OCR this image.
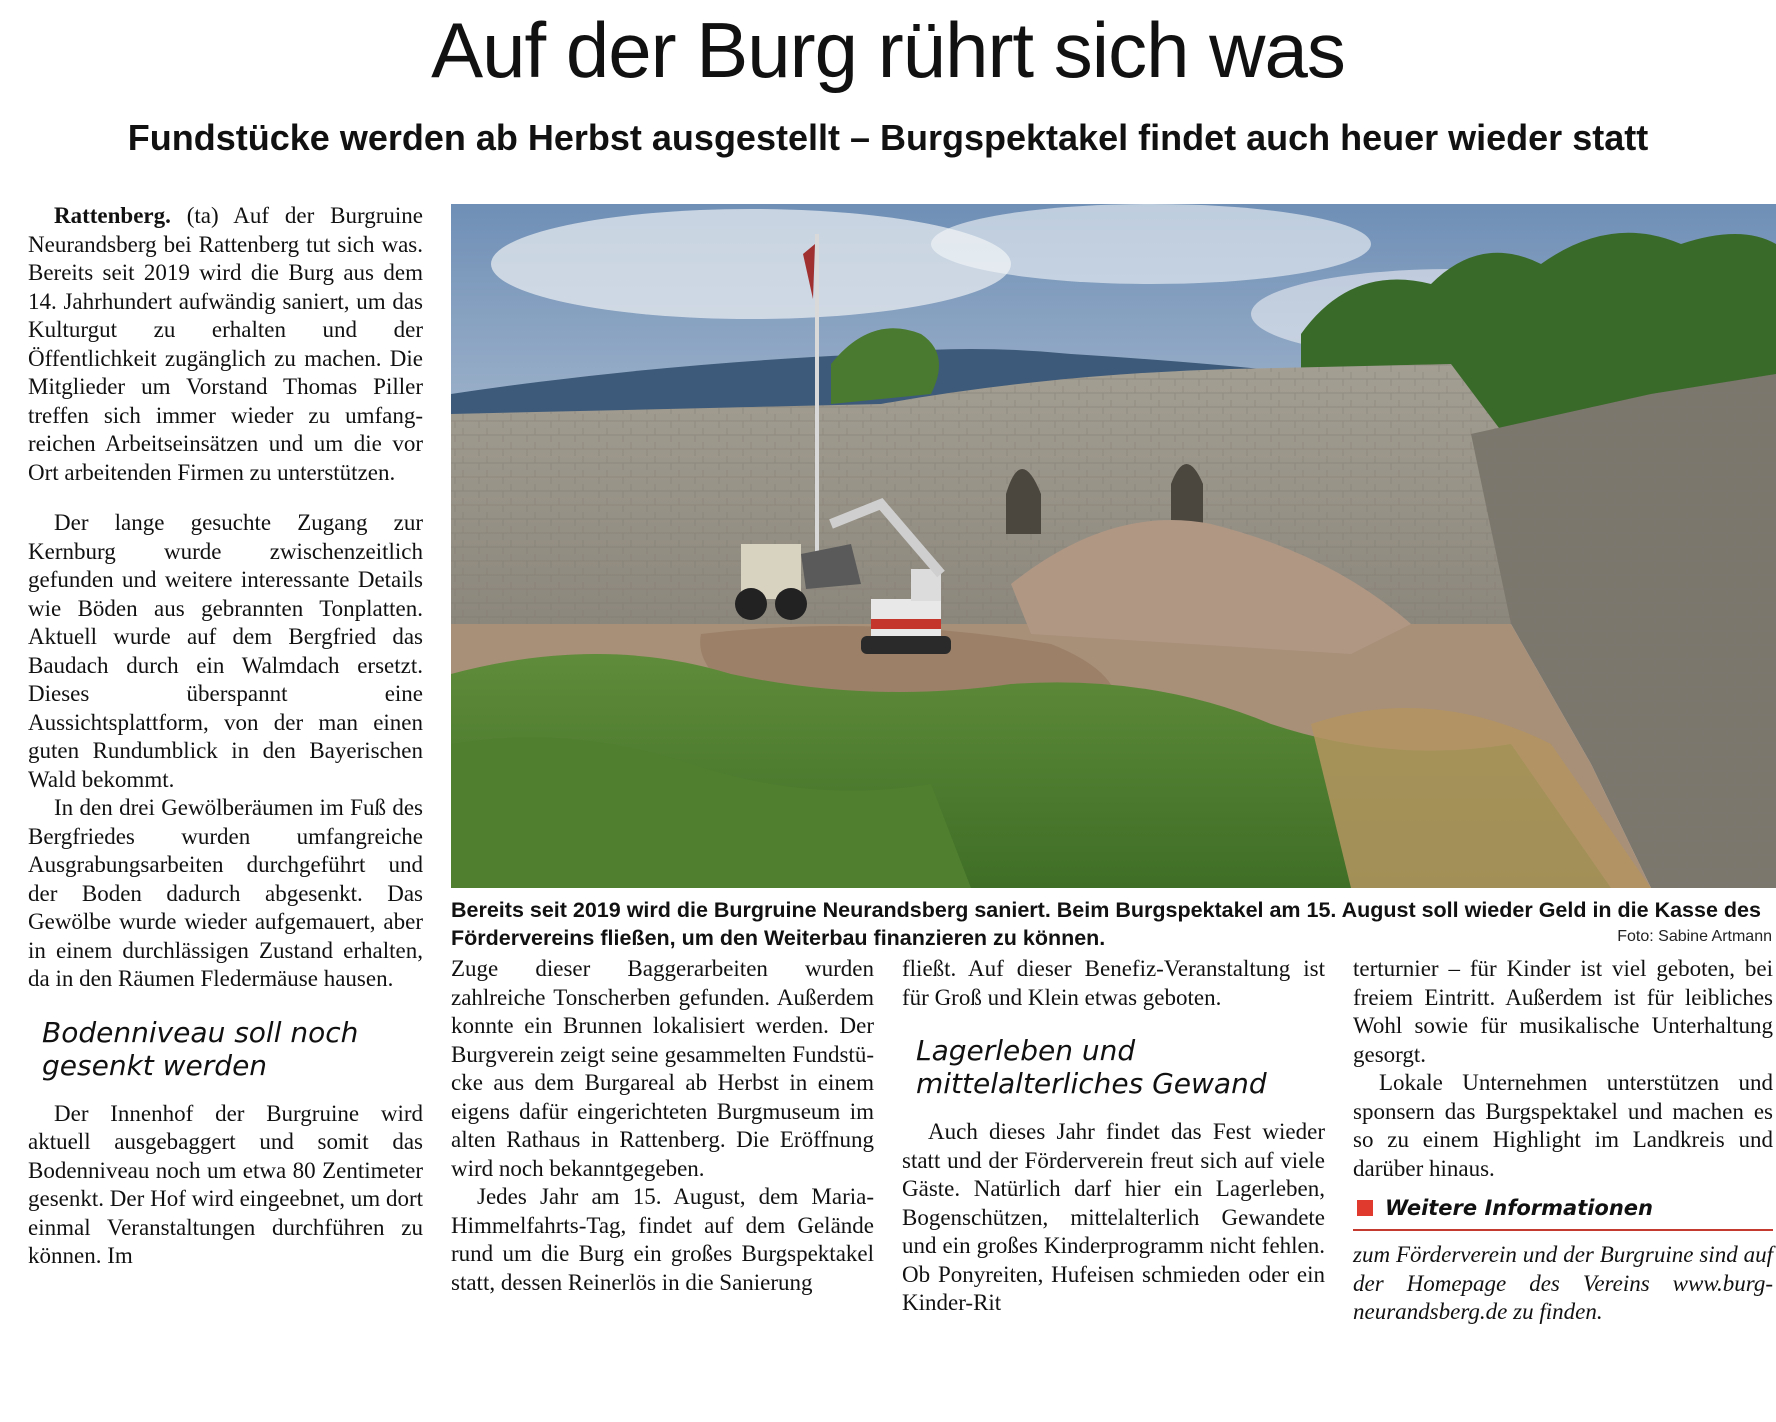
Auf der Burg rührt sich was
Fundstücke werden ab Herbst ausgestellt – Burgspektakel findet auch heuer wieder statt

Rattenberg. (ta) Auf der Burgruine Neurandsberg bei Rattenberg tut sich was. Bereits seit 2019 wird die Burg aus dem 14. Jahrhundert aufwändig saniert, um das Kulturgut zu erhalten und der Öffentlichkeit zugänglich zu machen. Die Mitglieder um Vorstand Thomas Piller treffen sich immer wieder zu umfangreichen Arbeitseinsätzen und um die vor Ort arbeitenden Firmen zu unterstützen.

Der lange gesuchte Zugang zur Kernburg wurde zwischenzeitlich gefunden und weitere interessante Details wie Böden aus gebrannten Tonplatten. Aktuell wurde auf dem Bergfried das Baudach durch ein Walmdach ersetzt. Dieses überspannt eine Aussichtsplattform, von der man einen guten Rundumblick in den Bayerischen Wald bekommt.

In den drei Gewölberäumen im Fuß des Bergfriedes wurden umfangreiche Ausgrabungsarbeiten durchgeführt und der Boden dadurch abgesenkt. Das Gewölbe wurde wieder aufgemauert, aber in einem durchlässigen Zustand erhalten, da in den Räumen Fledermäuse hausen.

Bodenniveau soll noch gesenkt werden

Der Innenhof der Burgruine wird aktuell ausgebaggert und somit das Bodenniveau noch um etwa 80 Zentimeter gesenkt. Der Hof wird eingeebnet, um dort einmal Veranstaltungen durchführen zu können. Im

Bereits seit 2019 wird die Burgruine Neurandsberg saniert. Beim Burgspektakel am 15. August soll wieder Geld in die Kasse des Fördervereins fließen, um den Weiterbau finanzieren zu können.	Foto: Sabine Artmann

Zuge dieser Baggerarbeiten wurden zahlreiche Tonscherben gefunden. Außerdem konnte ein Brunnen lokalisiert werden. Der Burgverein zeigt seine gesammelten Fundstücke aus dem Burgareal ab Herbst in einem eigens dafür eingerichteten Burgmuseum im alten Rathaus in Rattenberg. Die Eröffnung wird noch bekanntgegeben.

Jedes Jahr am 15. August, dem Maria-Himmelfahrts-Tag, findet auf dem Gelände rund um die Burg ein großes Burgspektakel statt, dessen Reinerlös in die Sanierung

fließt. Auf dieser Benefiz-Veranstaltung ist für Groß und Klein etwas geboten.

Lagerleben und mittelalterliches Gewand

Auch dieses Jahr findet das Fest wieder statt und der Förderverein freut sich auf viele Gäste. Natürlich darf hier ein Lagerleben, Bogenschützen, mittelalterlich Gewandete und ein großes Kinderprogramm nicht fehlen. Ob Ponyreiten, Hufeisen schmieden oder ein Kinder-Rit

terturnier – für Kinder ist viel geboten, bei freiem Eintritt. Außerdem ist für leibliches Wohl sowie für musikalische Unterhaltung gesorgt.

Lokale Unternehmen unterstützen und sponsern das Burgspektakel und machen es so zu einem Highlight im Landkreis und darüber hinaus.

Weitere Informationen

zum Förderverein und der Burgruine sind auf der Homepage des Vereins www.burg-neurandsberg.de zu finden.
